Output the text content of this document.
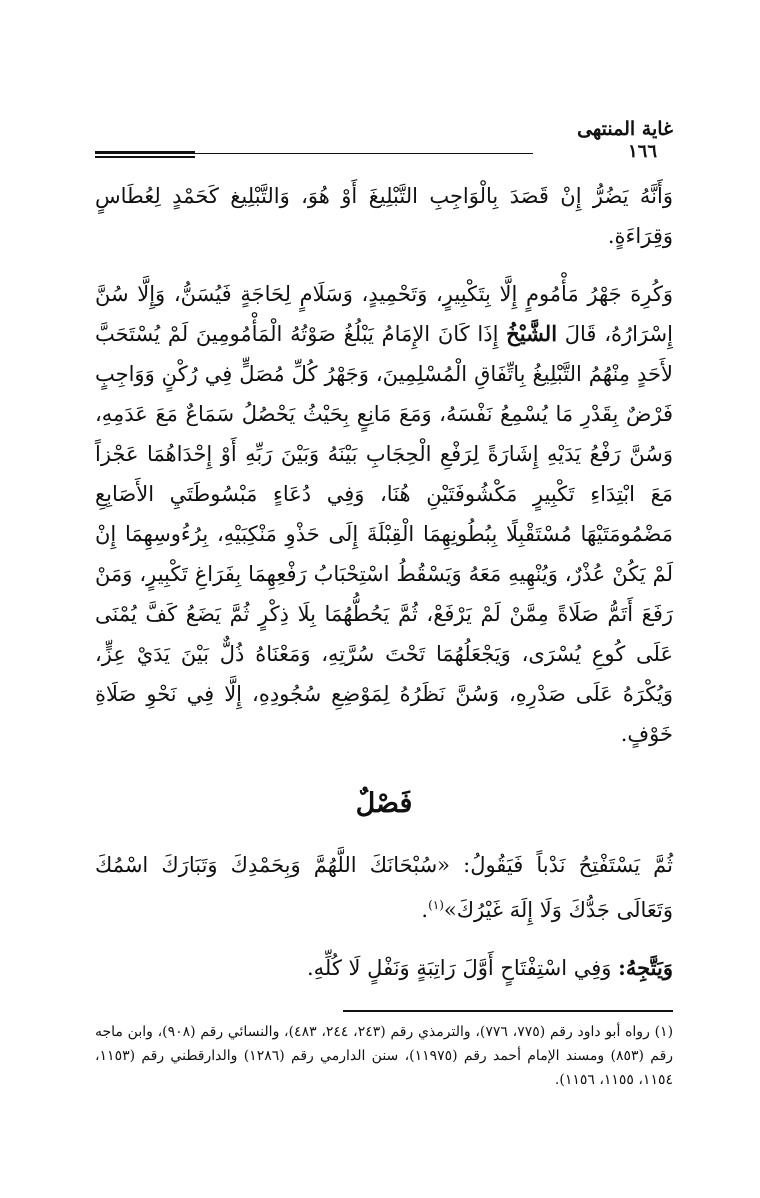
غاية المنتهى
١٦٦

وَأَنَّهُ يَضُرُّ إِنْ قَصَدَ بِالْوَاجِبِ التَّبْلِيغَ أَوْ هُوَ، وَالتَّبْلِيغ كَحَمْدٍ لِعُطَاسٍ وَقِرَاءَةٍ.

وَكُرِهَ جَهْرُ مَأْمُومٍ إِلَّا بِتَكْبِيرٍ، وَتَحْمِيدٍ، وَسَلَامٍ لِحَاجَةٍ فَيُسَنُّ، وَإِلَّا سُنَّ إِسْرَارُهُ، قَالَ الشَّيْخُ إِذَا كَانَ الإِمَامُ يَبْلُغُ صَوْتُهُ الْمَأْمُومِينَ لَمْ يُسْتَحَبَّ لأَحَدٍ مِنْهُمُ التَّبْلِيغُ بِاتِّفَاقِ الْمُسْلِمِينَ، وَجَهْرُ كُلِّ مُصَلٍّ فِي رُكْنٍ وَوَاجِبٍ فَرْضٌ بِقَدْرِ مَا يُسْمِعُ نَفْسَهُ، وَمَعَ مَانِعٍ بِحَيْثُ يَحْصُلُ سَمَاعٌ مَعَ عَدَمِهِ، وَسُنَّ رَفْعُ يَدَيْهِ إِشَارَةً لِرَفْعِ الْحِجَابِ بَيْنَهُ وَبَيْنَ رَبِّهِ أَوْ إِحْدَاهُمَا عَجْزاً مَعَ ابْتِدَاءِ تَكْبِيرٍ مَكْشُوفَتَيْنِ هُنَا، وَفِي دُعَاءٍ مَبْسُوطَتَيِ الأَصَابِعِ مَضْمُومَتَيْهَا مُسْتَقْبِلًا بِبُطُونِهِمَا الْقِبْلَةَ إِلَى حَذْوِ مَنْكِبَيْهِ، بِرُءُوسِهِمَا إِنْ لَمْ يَكُنْ عُذْرٌ، وَيُنْهِيهِ مَعَهُ وَيَسْقُطُ اسْتِحْبَابُ رَفْعِهِمَا بِفَرَاغِ تَكْبِيرٍ، وَمَنْ رَفَعَ أَتَمُّ صَلَاةً مِمَّنْ لَمْ يَرْفَعْ، ثُمَّ يَحُطُّهُمَا بِلَا ذِكْرٍ ثُمَّ يَضَعُ كَفَّ يُمْنَى عَلَى كُوعِ يُسْرَى، وَيَجْعَلُهُمَا تَحْتَ سُرَّتِهِ، وَمَعْنَاهُ ذُلٌّ بَيْنَ يَدَيْ عِزٍّ، وَيُكْرَهُ عَلَى صَدْرِهِ، وَسُنَّ نَظَرُهُ لِمَوْضِعِ سُجُودِهِ، إِلَّا فِي نَحْوِ صَلَاةِ خَوْفٍ.

فَصْلٌ

ثُمَّ يَسْتَفْتِحُ نَدْباً فَيَقُولُ: «سُبْحَانَكَ اللَّهُمَّ وَبِحَمْدِكَ وَتَبَارَكَ اسْمُكَ وَتَعَالَى جَدُّكَ وَلَا إِلَهَ غَيْرُكَ»$^{(١)}$.

وَيَتَّجِهُ: وَفِي اسْتِفْتَاحٍ أَوَّلَ رَاتِبَةٍ وَنَفْلٍ لَا كُلِّهِ.

(١) رواه أبو داود رقم (٧٧٥، ٧٧٦)، والترمذي رقم (٢٤٣، ٢٤٤، ٤٨٣)، والنسائي رقم (٩٠٨)، وابن ماجه رقم (٨٥٣) ومسند الإمام أحمد رقم (١١٩٧٥)، سنن الدارمي رقم (١٢٨٦) والدارقطني رقم (١١٥٣، ١١٥٤، ١١٥٥، ١١٥٦).
